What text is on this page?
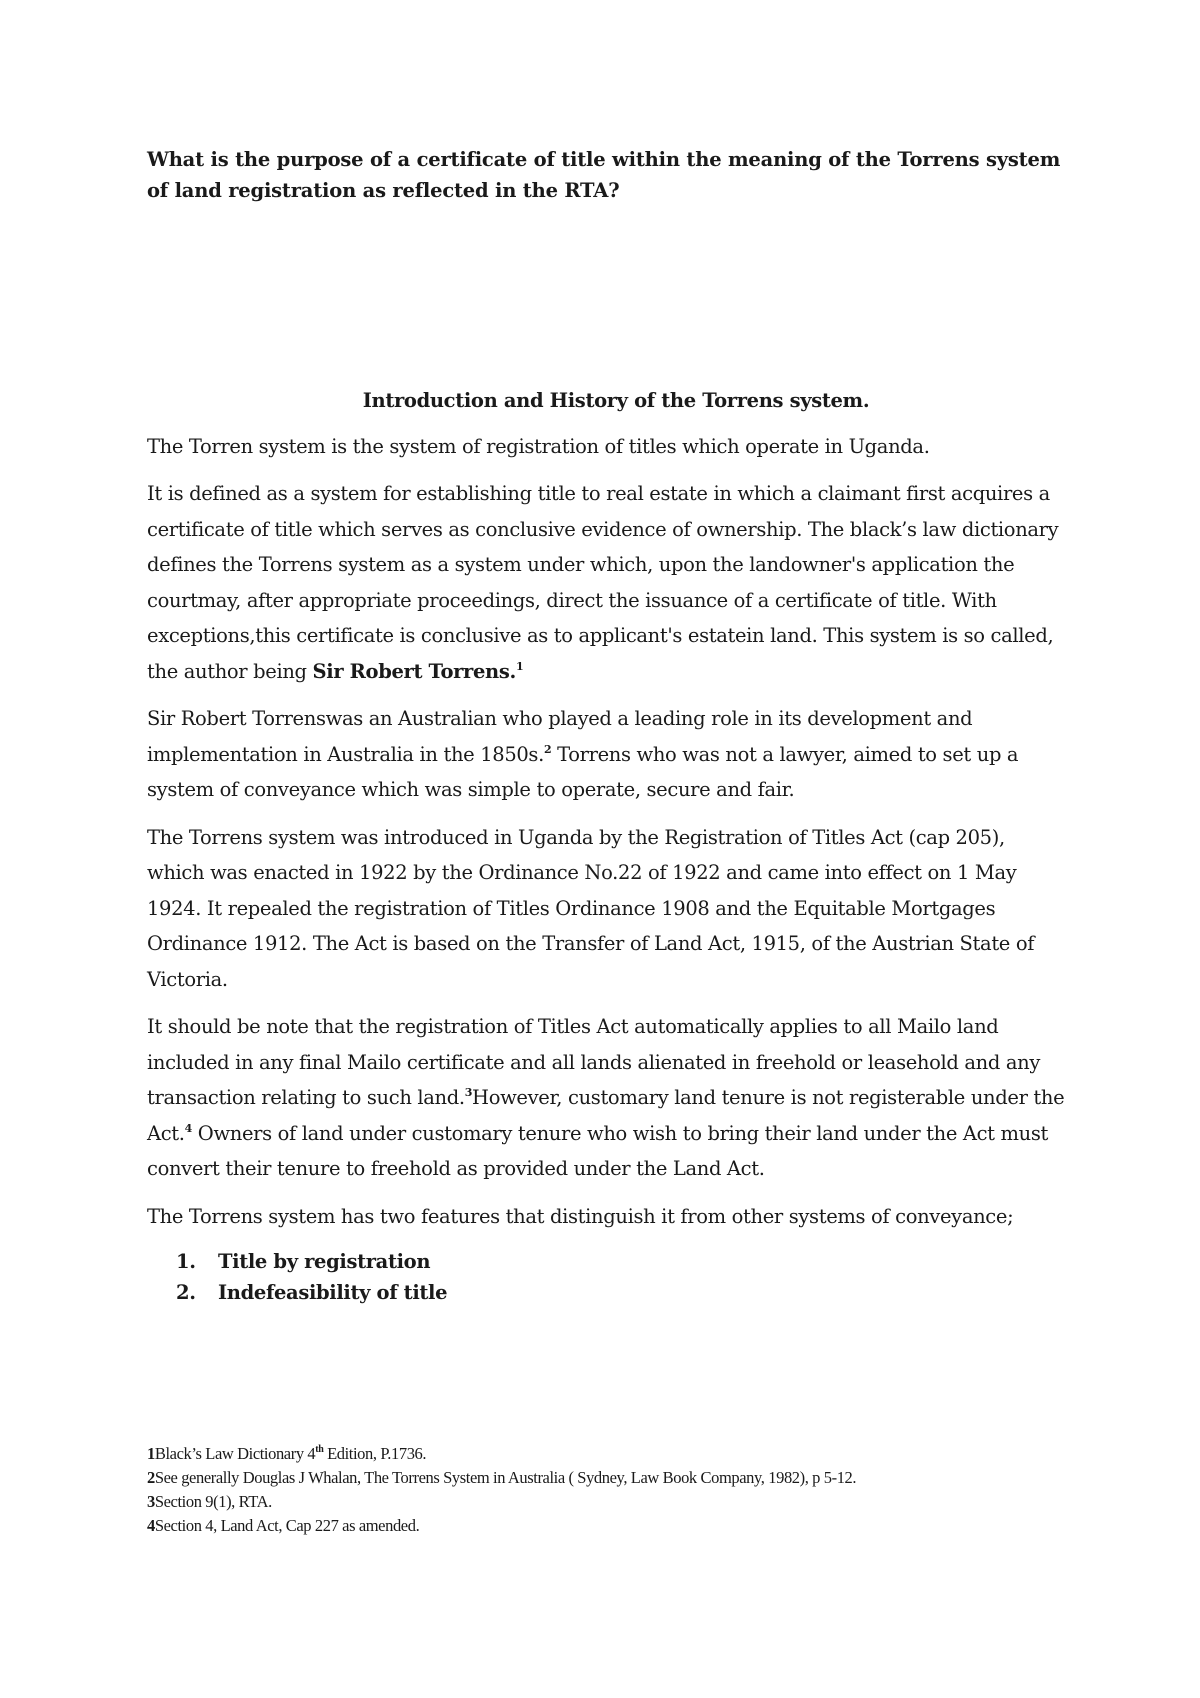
What is the purpose of a certificate of title within the meaning of the Torrens system of land registration as reflected in the RTA?
Introduction and History of the Torrens system.

The Torren system is the system of registration of titles which operate in Uganda.

It is defined as a system for establishing title to real estate in which a claimant first acquires a certificate of title which serves as conclusive evidence of ownership. The black’s law dictionary defines the Torrens system as a system under which, upon the landowner's application the courtmay, after appropriate proceedings, direct the issuance of a certificate of title. With exceptions,this certificate is conclusive as to applicant's estatein land. This system is so called, the author being Sir Robert Torrens.$^1$

Sir Robert Torrenswas an Australian who played a leading role in its development and implementation in Australia in the 1850s.$^2$ Torrens who was not a lawyer, aimed to set up a system of conveyance which was simple to operate, secure and fair.

The Torrens system was introduced in Uganda by the Registration of Titles Act (cap 205), which was enacted in 1922 by the Ordinance No.22 of 1922 and came into effect on 1 May 1924. It repealed the registration of Titles Ordinance 1908 and the Equitable Mortgages Ordinance 1912. The Act is based on the Transfer of Land Act, 1915, of the Austrian State of Victoria.

It should be note that the registration of Titles Act automatically applies to all Mailo land included in any final Mailo certificate and all lands alienated in freehold or leasehold and any transaction relating to such land.$^3$However, customary land tenure is not registerable under the Act.$^4$ Owners of land under customary tenure who wish to bring their land under the Act must convert their tenure to freehold as provided under the Land Act.

The Torrens system has two features that distinguish it from other systems of conveyance;

1. Title by registration
2. Indefeasibility of title
1Black’s Law Dictionary 4th Edition, P.1736.
2See generally Douglas J Whalan, The Torrens System in Australia ( Sydney, Law Book Company, 1982), p 5-12.
3Section 9(1), RTA.
4Section 4, Land Act, Cap 227 as amended.
